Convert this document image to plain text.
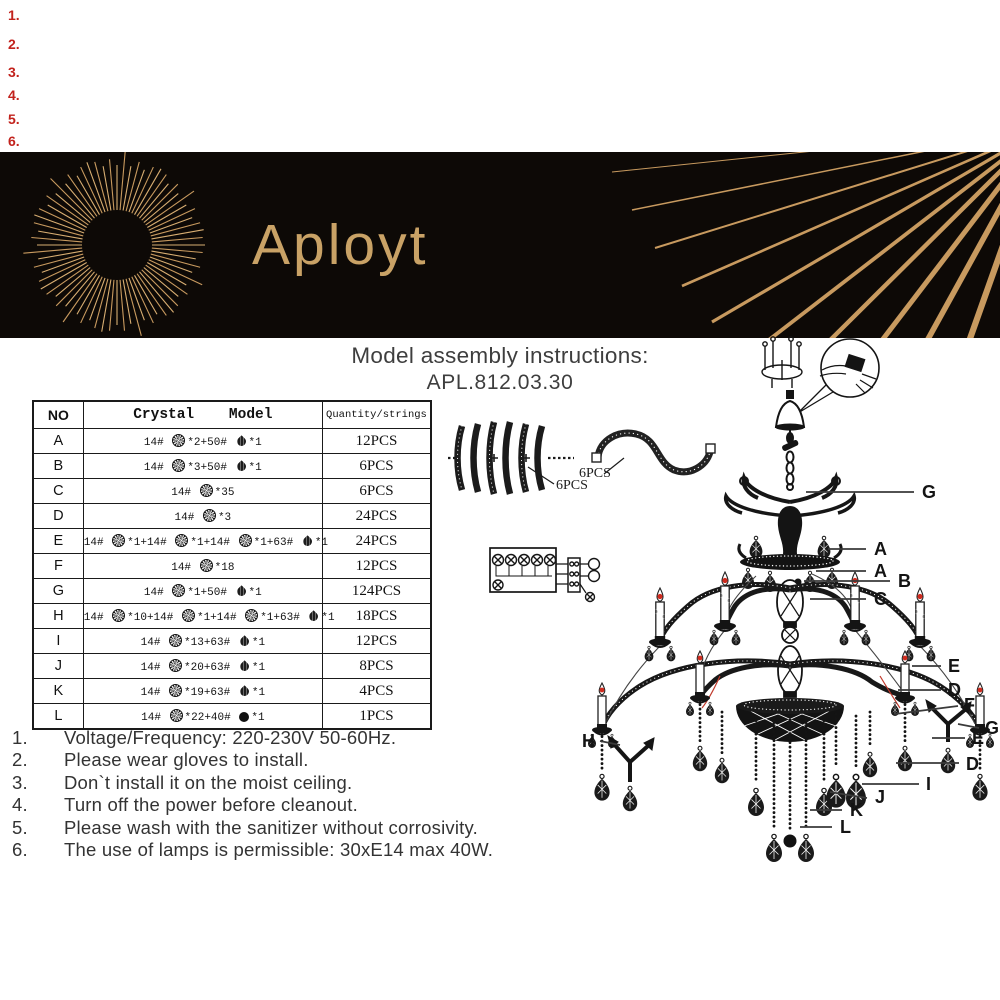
1.
2.
3.
4.
5.
6.
Aployt
Model assembly instructions:
APL.812.03.30
NO	Crystal    Model	Quantity/strings
A	14# *2+50# *1	12PCS
B	14# *3+50# *1	6PCS
C	14# *35	6PCS
D	14# *3	24PCS
E	14# *1+14# *1+14# *1+63# *1	24PCS
F	14# *18	12PCS
G	14# *1+50# *1	124PCS
H	14# *10+14# *1+14# *1+63# *1	18PCS
I	14# *13+63# *1	12PCS
J	14# *20+63# *1	8PCS
K	14# *19+63# *1	4PCS
L	14# *22+40# *1	1PCS
6PCS
6PCS
G
A
A B
C
E
D
F
G
E
D
I
J
K
L
H
1.	Voltage/Frequency: 220-230V 50-60Hz.
2.	Please wear gloves to install.
3.	Don`t install it on the moist ceiling.
4.	Turn off the power before cleanout.
5.	Please wash with the sanitizer without corrosivity.
6.	The use of lamps is permissible: 30xE14 max 40W.
